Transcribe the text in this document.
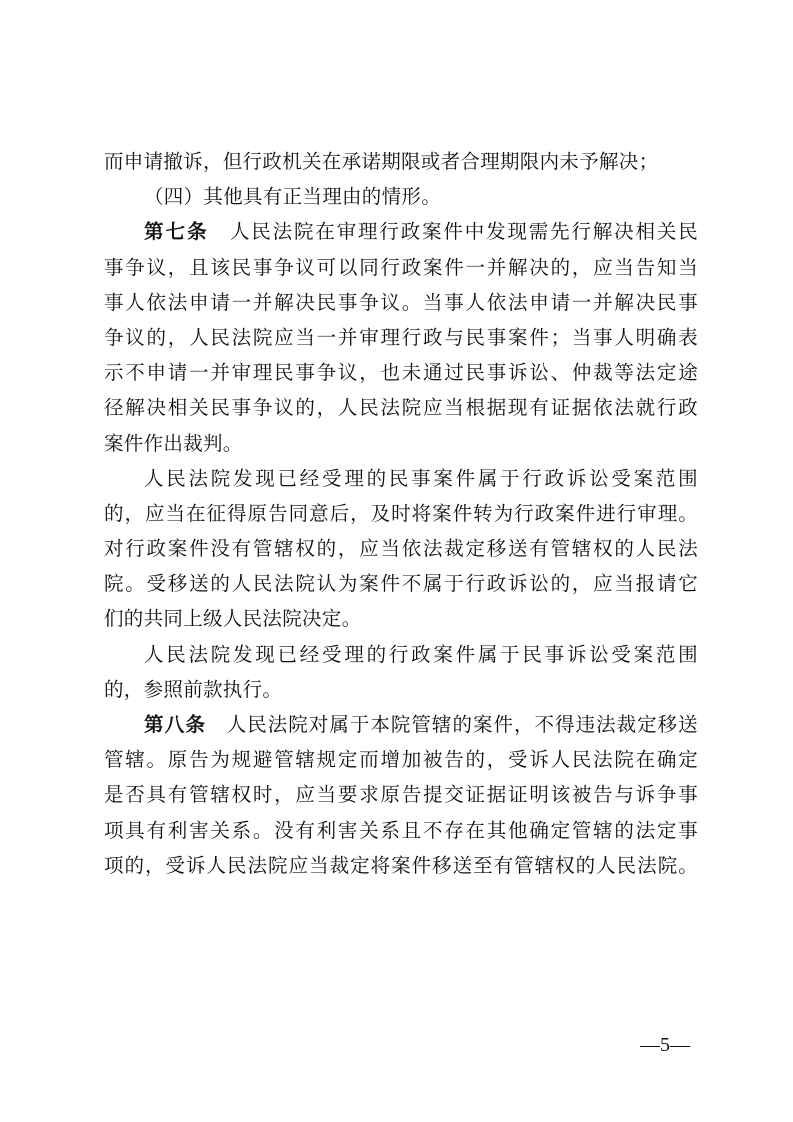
而申请撤诉，但行政机关在承诺期限或者合理期限内未予解决；
（四）其他具有正当理由的情形。
第七条  人民法院在审理行政案件中发现需先行解决相关民
事争议，且该民事争议可以同行政案件一并解决的，应当告知当
事人依法申请一并解决民事争议。当事人依法申请一并解决民事
争议的，人民法院应当一并审理行政与民事案件；当事人明确表
示不申请一并审理民事争议，也未通过民事诉讼、仲裁等法定途
径解决相关民事争议的，人民法院应当根据现有证据依法就行政
案件作出裁判。
人民法院发现已经受理的民事案件属于行政诉讼受案范围
的，应当在征得原告同意后，及时将案件转为行政案件进行审理。
对行政案件没有管辖权的，应当依法裁定移送有管辖权的人民法
院。受移送的人民法院认为案件不属于行政诉讼的，应当报请它
们的共同上级人民法院决定。
人民法院发现已经受理的行政案件属于民事诉讼受案范围
的，参照前款执行。
第八条  人民法院对属于本院管辖的案件，不得违法裁定移送
管辖。原告为规避管辖规定而增加被告的，受诉人民法院在确定
是否具有管辖权时，应当要求原告提交证据证明该被告与诉争事
项具有利害关系。没有利害关系且不存在其他确定管辖的法定事
项的，受诉人民法院应当裁定将案件移送至有管辖权的人民法院。
—5—
